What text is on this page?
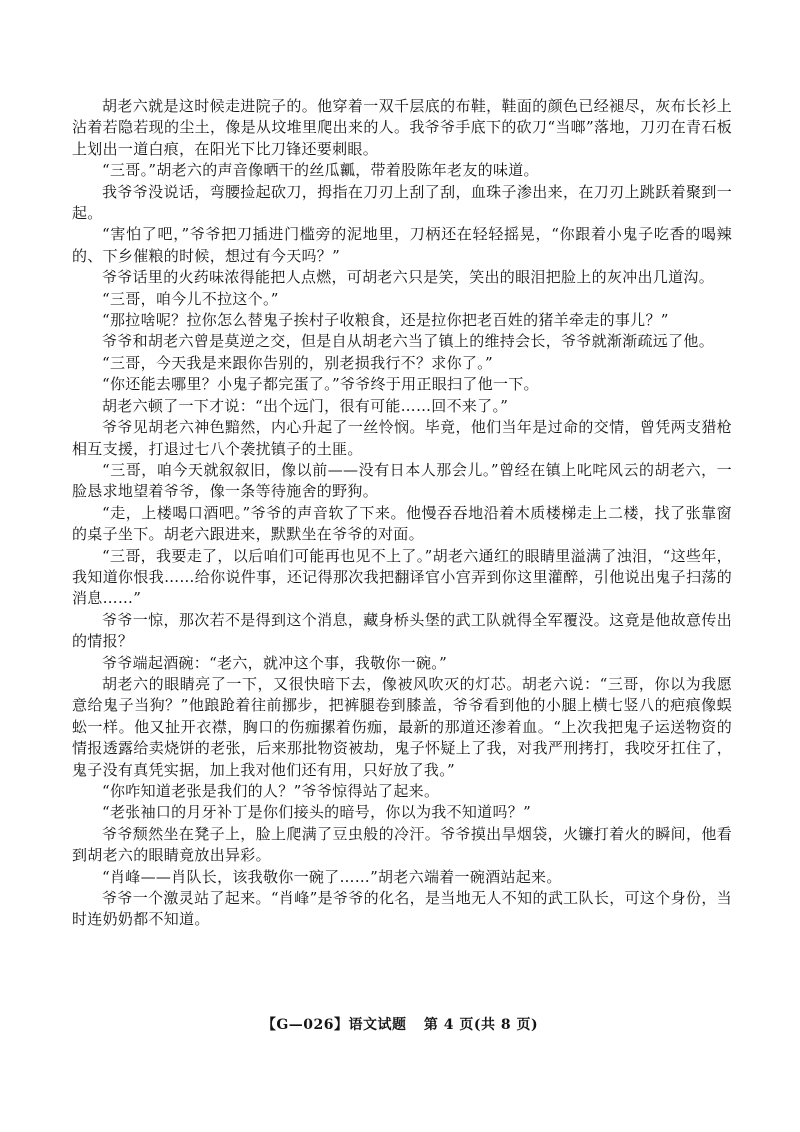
胡老六就是这时候走进院子的。他穿着一双千层底的布鞋，鞋面的颜色已经褪尽，灰布长衫上沾着若隐若现的尘土，像是从坟堆里爬出来的人。我爷爷手底下的砍刀“当啷”落地，刀刃在青石板上划出一道白痕，在阳光下比刀锋还要刺眼。

“三哥。”胡老六的声音像晒干的丝瓜瓤，带着股陈年老友的味道。

我爷爷没说话，弯腰捡起砍刀，拇指在刀刃上刮了刮，血珠子渗出来，在刀刃上跳跃着聚到一起。

“害怕了吧，”爷爷把刀插进门槛旁的泥地里，刀柄还在轻轻摇晃，“你跟着小鬼子吃香的喝辣的、下乡催粮的时候，想过有今天吗？”

爷爷话里的火药味浓得能把人点燃，可胡老六只是笑，笑出的眼泪把脸上的灰冲出几道沟。

“三哥，咱今儿不拉这个。”

“那拉啥呢？拉你怎么替鬼子挨村子收粮食，还是拉你把老百姓的猪羊牵走的事儿？”

爷爷和胡老六曾是莫逆之交，但是自从胡老六当了镇上的维持会长，爷爷就渐渐疏远了他。

“三哥，今天我是来跟你告别的，别老损我行不？求你了。”

“你还能去哪里？小鬼子都完蛋了。”爷爷终于用正眼扫了他一下。

胡老六顿了一下才说：“出个远门，很有可能……回不来了。”

爷爷见胡老六神色黯然，内心升起了一丝怜悯。毕竟，他们当年是过命的交情，曾凭两支猎枪相互支援，打退过七八个袭扰镇子的土匪。

“三哥，咱今天就叙叙旧，像以前——没有日本人那会儿。”曾经在镇上叱咤风云的胡老六，一脸恳求地望着爷爷，像一条等待施舍的野狗。

“走，上楼喝口酒吧。”爷爷的声音软了下来。他慢吞吞地沿着木质楼梯走上二楼，找了张靠窗的桌子坐下。胡老六跟进来，默默坐在爷爷的对面。

“三哥，我要走了，以后咱们可能再也见不上了。”胡老六通红的眼睛里溢满了浊泪，“这些年，我知道你恨我……给你说件事，还记得那次我把翻译官小宫弄到你这里灌醉，引他说出鬼子扫荡的消息……”

爷爷一惊，那次若不是得到这个消息，藏身桥头堡的武工队就得全军覆没。这竟是他故意传出的情报？

爷爷端起酒碗：“老六，就冲这个事，我敬你一碗。”

胡老六的眼睛亮了一下，又很快暗下去，像被风吹灭的灯芯。胡老六说：“三哥，你以为我愿意给鬼子当狗？”他踉跄着往前挪步，把裤腿卷到膝盖，爷爷看到他的小腿上横七竖八的疤痕像蜈蚣一样。他又扯开衣襟，胸口的伤痂摞着伤痂，最新的那道还渗着血。“上次我把鬼子运送物资的情报透露给卖烧饼的老张，后来那批物资被劫，鬼子怀疑上了我，对我严刑拷打，我咬牙扛住了，鬼子没有真凭实据，加上我对他们还有用，只好放了我。”

“你咋知道老张是我们的人？”爷爷惊得站了起来。

“老张袖口的月牙补丁是你们接头的暗号，你以为我不知道吗？”

爷爷颓然坐在凳子上，脸上爬满了豆虫般的冷汗。爷爷摸出旱烟袋，火镰打着火的瞬间，他看到胡老六的眼睛竟放出异彩。

“肖峰——肖队长，该我敬你一碗了……”胡老六端着一碗酒站起来。

爷爷一个激灵站了起来。“肖峰”是爷爷的化名，是当地无人不知的武工队长，可这个身份，当时连奶奶都不知道。

【G—026】语文试题 第 4 页(共 8 页)
